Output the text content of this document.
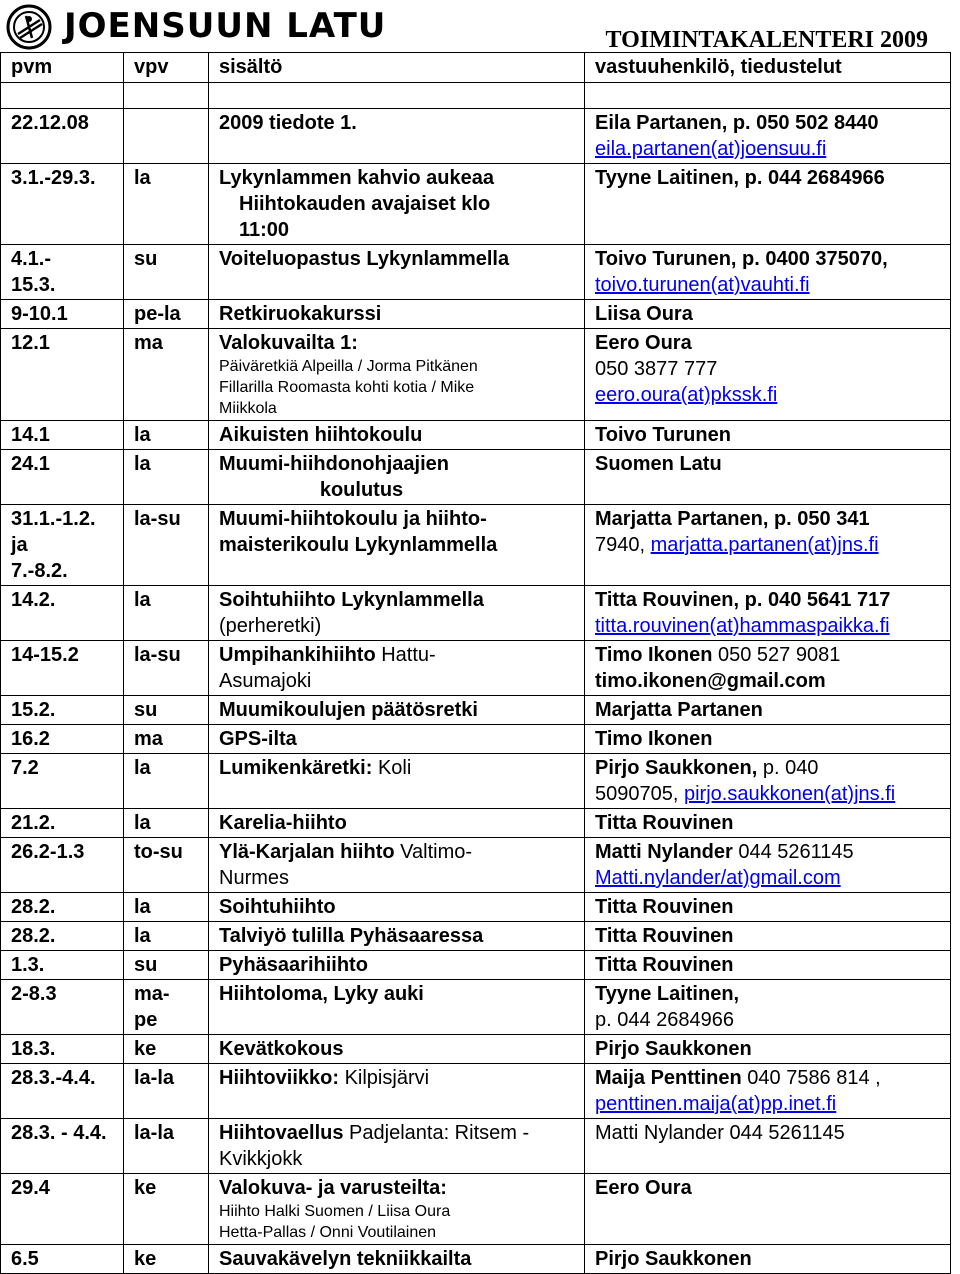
JOENSUUN LATU	TOIMINTAKALENTERI 2009
pvm	vpv	sisältö	vastuuhenkilö, tiedustelut

22.12.08		2009 tiedote 1.	Eila Partanen, p. 050 502 8440
eila.partanen(at)joensuu.fi

3.1.-29.3.	la	Lykynlammen kahvio aukeaa
Hiihtokauden avajaiset klo
11:00	Tyyne Laitinen, p. 044 2684966

4.1.-
15.3.	su	Voiteluopastus Lykynlammella	Toivo Turunen, p. 0400 375070,
toivo.turunen(at)vauhti.fi

9-10.1	pe-la	Retkiruokakurssi	Liisa Oura
12.1	ma	Valokuvailta 1:
Päiväretkiä Alpeilla / Jorma Pitkänen
Fillarilla Roomasta kohti kotia / Mike
Miikkola	Eero Oura
050 3877 777
eero.oura(at)pkssk.fi

14.1	la	Aikuisten hiihtokoulu	Toivo Turunen
24.1	la	Muumi-hiihdonohjaajien
koulutus	Suomen Latu

31.1.-1.2.
ja
7.-8.2.	la-su	Muumi-hiihtokoulu ja hiihto-
maisterikoulu Lykynlammella	Marjatta Partanen, p. 050 341
7940, marjatta.partanen(at)jns.fi
14.2.	la	Soihtuhiihto Lykynlammella
(perheretki)	Titta Rouvinen, p. 040 5641 717
titta.rouvinen(at)hammaspaikka.fi

14-15.2	la-su	Umpihankihiihto Hattu-
Asumajoki	Timo Ikonen 050 527 9081
timo.ikonen@gmail.com

15.2.	su	Muumikoulujen päätösretki	Marjatta Partanen
16.2	ma	GPS-ilta	Timo Ikonen
7.2	la	Lumikenkäretki: Koli	Pirjo Saukkonen, p. 040
5090705, pirjo.saukkonen(at)jns.fi

21.2.	la	Karelia-hiihto	Titta Rouvinen
26.2-1.3	to-su	Ylä-Karjalan hiihto Valtimo-
Nurmes	Matti Nylander 044 5261145
Matti.nylander/at)gmail.com

28.2.	la	Soihtuhiihto	Titta Rouvinen
28.2.	la	Talviyö tulilla Pyhäsaaressa	Titta Rouvinen
1.3.	su	Pyhäsaarihiihto	Titta Rouvinen
2-8.3	ma-
pe	Hiihtoloma, Lyky auki	Tyyne Laitinen,
p. 044 2684966

18.3.	ke	Kevätkokous	Pirjo Saukkonen
28.3.-4.4.	la-la	Hiihtoviikko: Kilpisjärvi	Maija Penttinen 040 7586 814 ,
penttinen.maija(at)pp.inet.fi

28.3. - 4.4.	la-la	Hiihtovaellus Padjelanta: Ritsem -
Kvikkjokk	Matti Nylander 044 5261145
29.4	ke	Valokuva- ja varusteilta:
Hiihto Halki Suomen / Liisa Oura
Hetta-Pallas / Onni Voutilainen	Eero Oura
6.5	ke	Sauvakävelyn tekniikkailta	Pirjo Saukkonen
